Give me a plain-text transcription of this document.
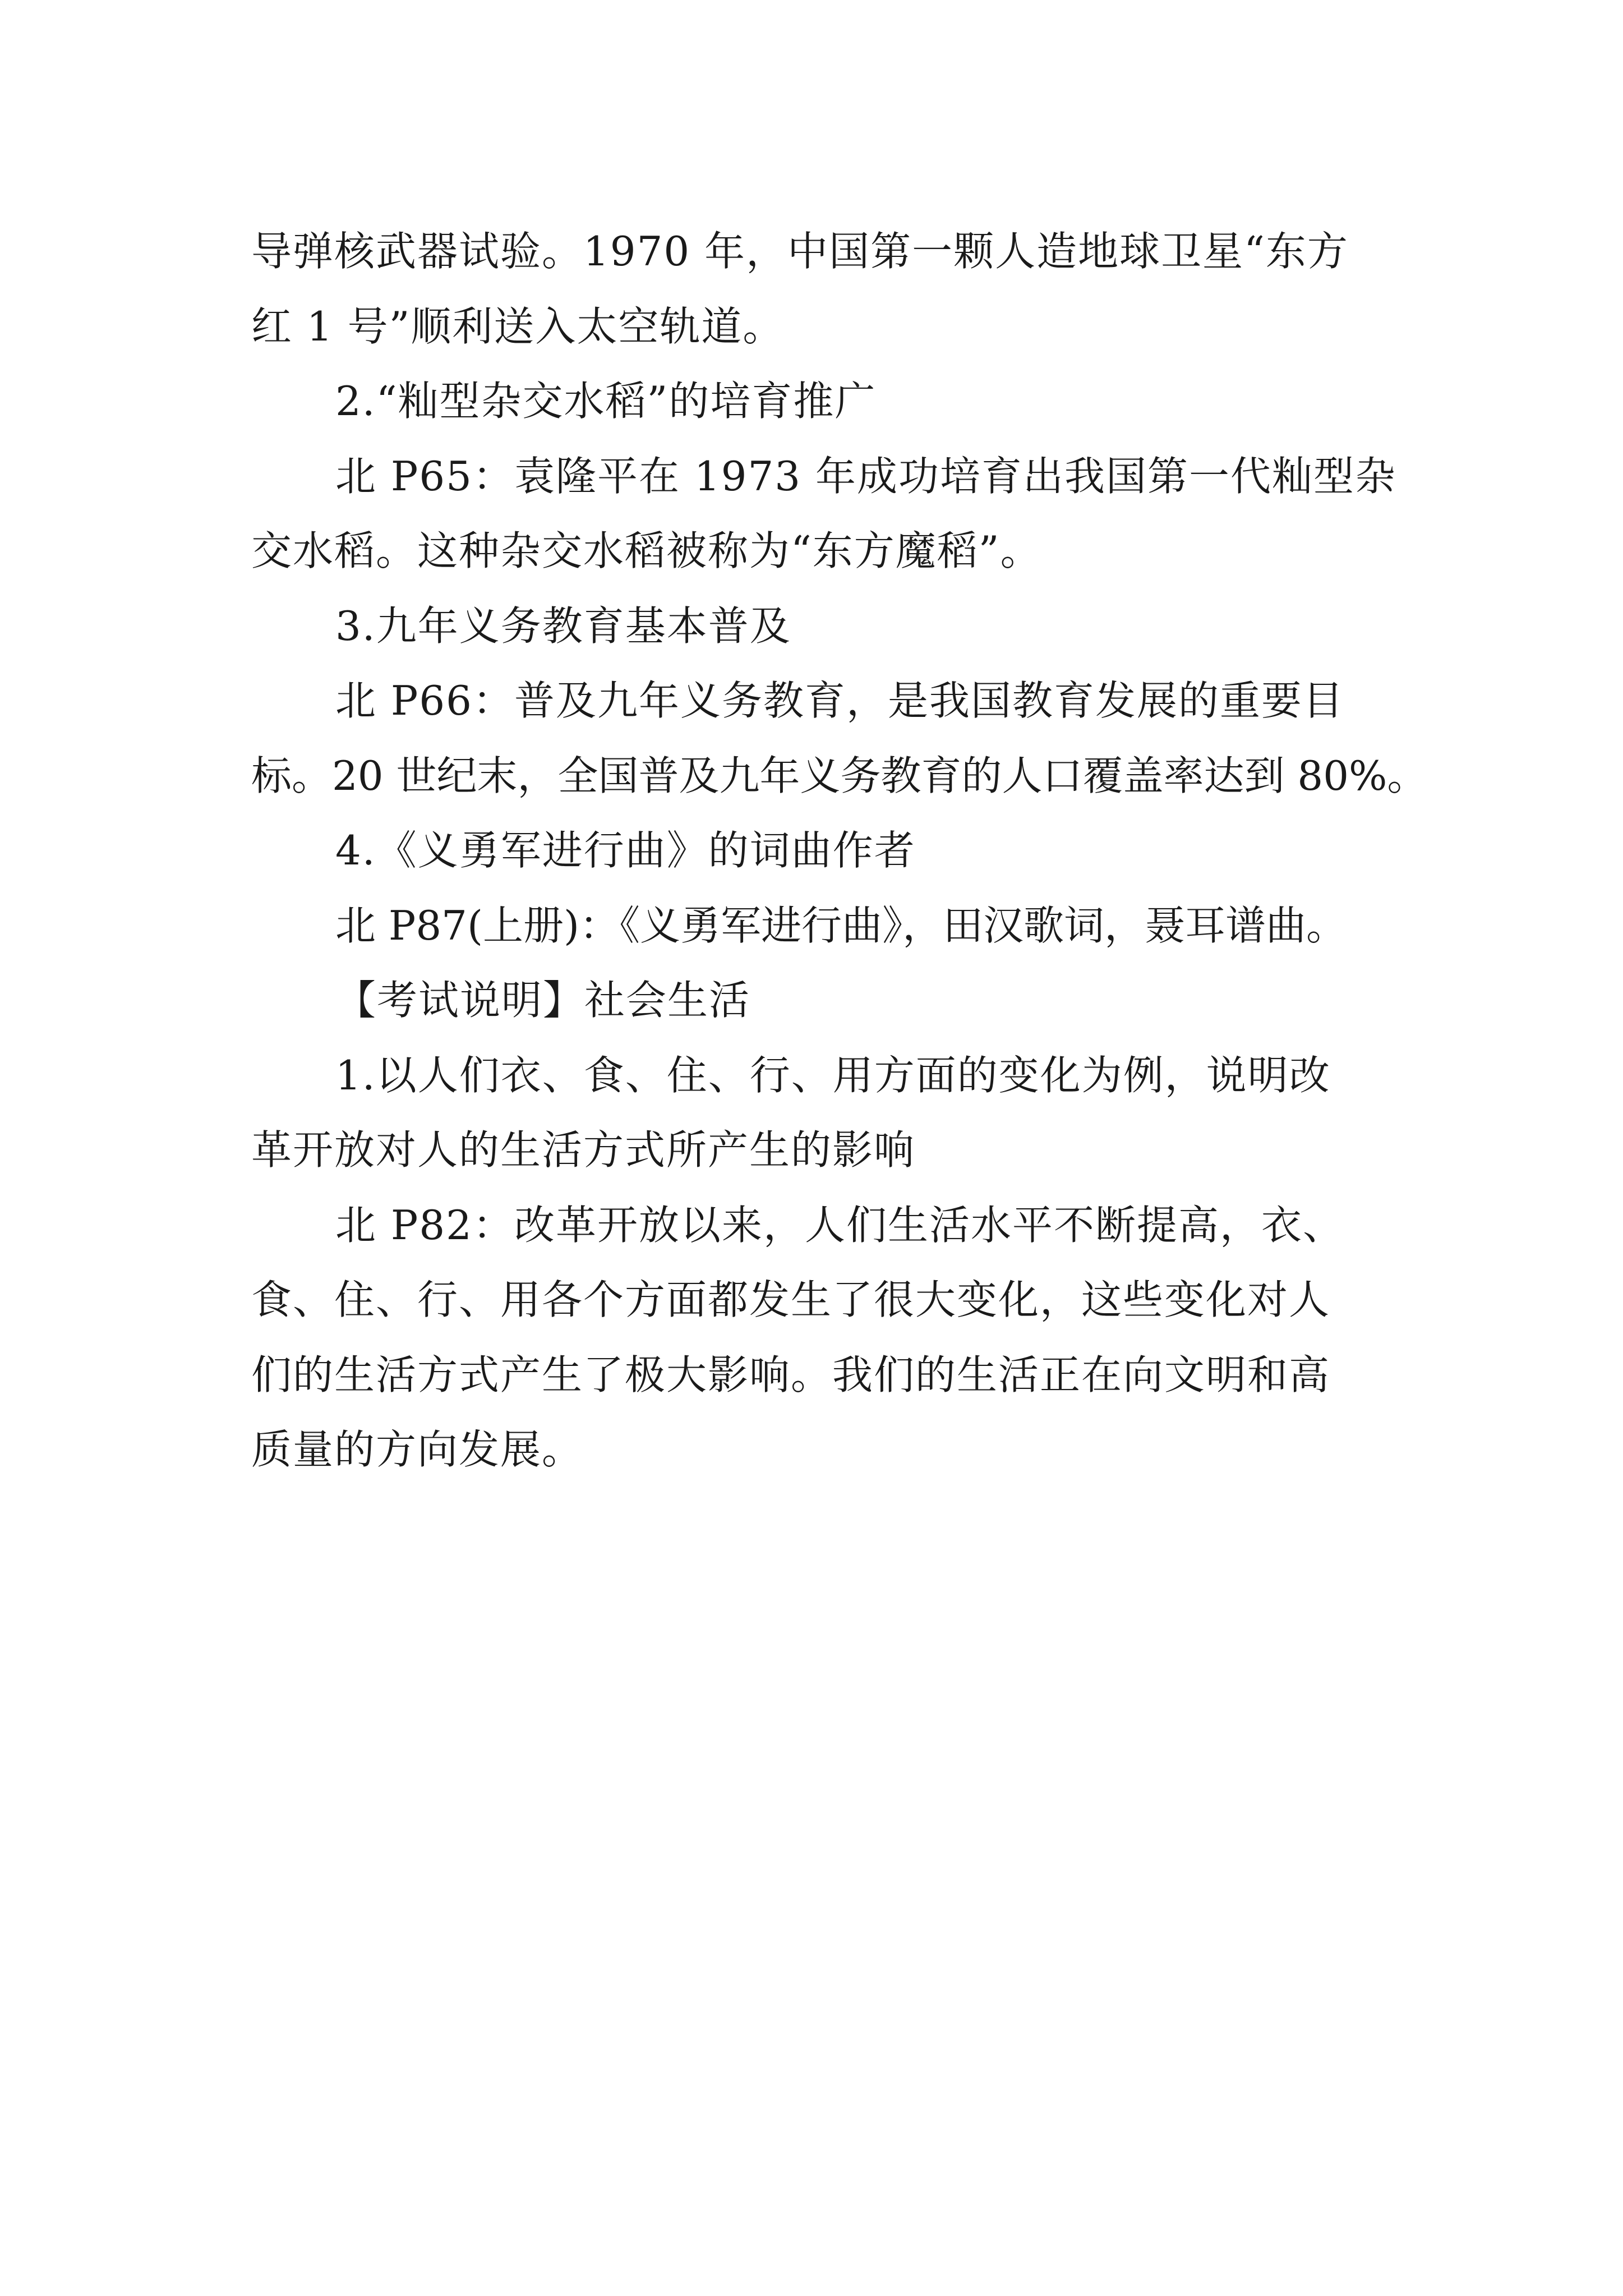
导弹核武器试验。1970 年，中国第一颗人造地球卫星“东方
红 1 号”顺利送入太空轨道。
2.“籼型杂交水稻”的培育推广
北 P65：袁隆平在 1973 年成功培育出我国第一代籼型杂
交水稻。这种杂交水稻被称为“东方魔稻”。
3.九年义务教育基本普及
北 P66：普及九年义务教育，是我国教育发展的重要目
标。20 世纪末，全国普及九年义务教育的人口覆盖率达到 80%。
4.《义勇军进行曲》的词曲作者
北 P87(上册)：《义勇军进行曲》，田汉歌词，聂耳谱曲。
【考试说明】社会生活
1.以人们衣、食、住、行、用方面的变化为例，说明改
革开放对人的生活方式所产生的影响
北 P82：改革开放以来，人们生活水平不断提高，衣、
食、住、行、用各个方面都发生了很大变化，这些变化对人
们的生活方式产生了极大影响。我们的生活正在向文明和高
质量的方向发展。
